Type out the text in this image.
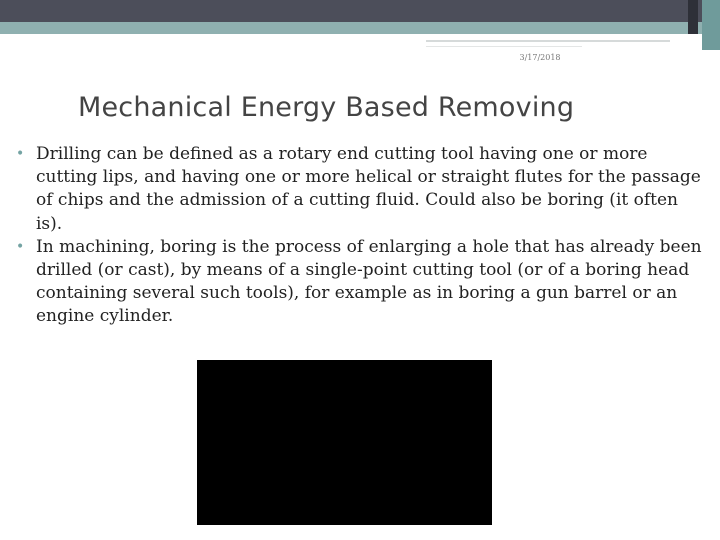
3/17/2018
Mechanical Energy Based Removing
• Drilling can be defined as a rotary end cutting tool having one or more cutting lips, and having one or more helical or straight flutes for the passage of chips and the admission of a cutting fluid. Could also be boring (it often is).
• In machining, boring is the process of enlarging a hole that has already been drilled (or cast), by means of a single-point cutting tool (or of a boring head containing several such tools), for example as in boring a gun barrel or an engine cylinder.
